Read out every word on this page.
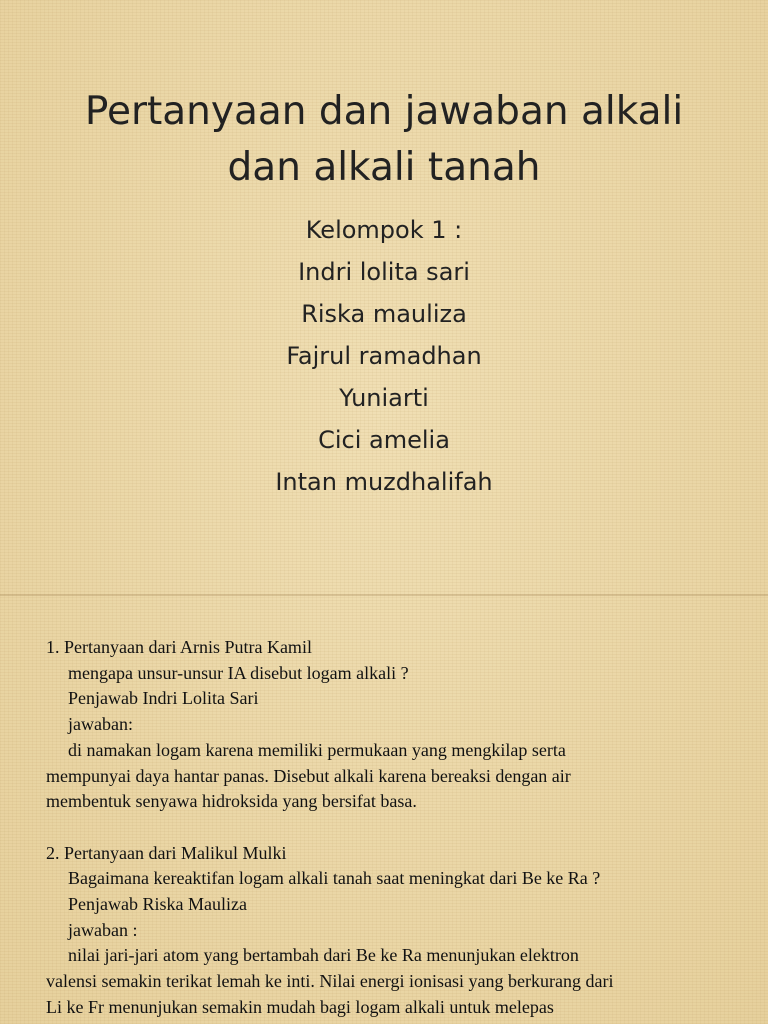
Pertanyaan dan jawaban alkali
dan alkali tanah
Kelompok 1 :
Indri lolita sari
Riska mauliza
Fajrul ramadhan
Yuniarti
Cici amelia
Intan muzdhalifah

1. Pertanyaan dari Arnis Putra Kamil

mengapa unsur-unsur IA disebut logam alkali ?

Penjawab Indri Lolita Sari

jawaban:

di namakan logam karena memiliki permukaan yang mengkilap serta

mempunyai daya hantar panas. Disebut alkali karena bereaksi dengan air

membentuk senyawa hidroksida yang bersifat basa.

2. Pertanyaan dari Malikul Mulki

Bagaimana kereaktifan logam alkali tanah saat meningkat dari Be ke Ra ?

Penjawab Riska Mauliza

jawaban :

nilai jari-jari atom yang bertambah dari Be ke Ra menunjukan elektron

valensi semakin terikat lemah ke inti. Nilai energi ionisasi yang berkurang dari

Li ke Fr menunjukan semakin mudah bagi logam alkali untuk melepas
